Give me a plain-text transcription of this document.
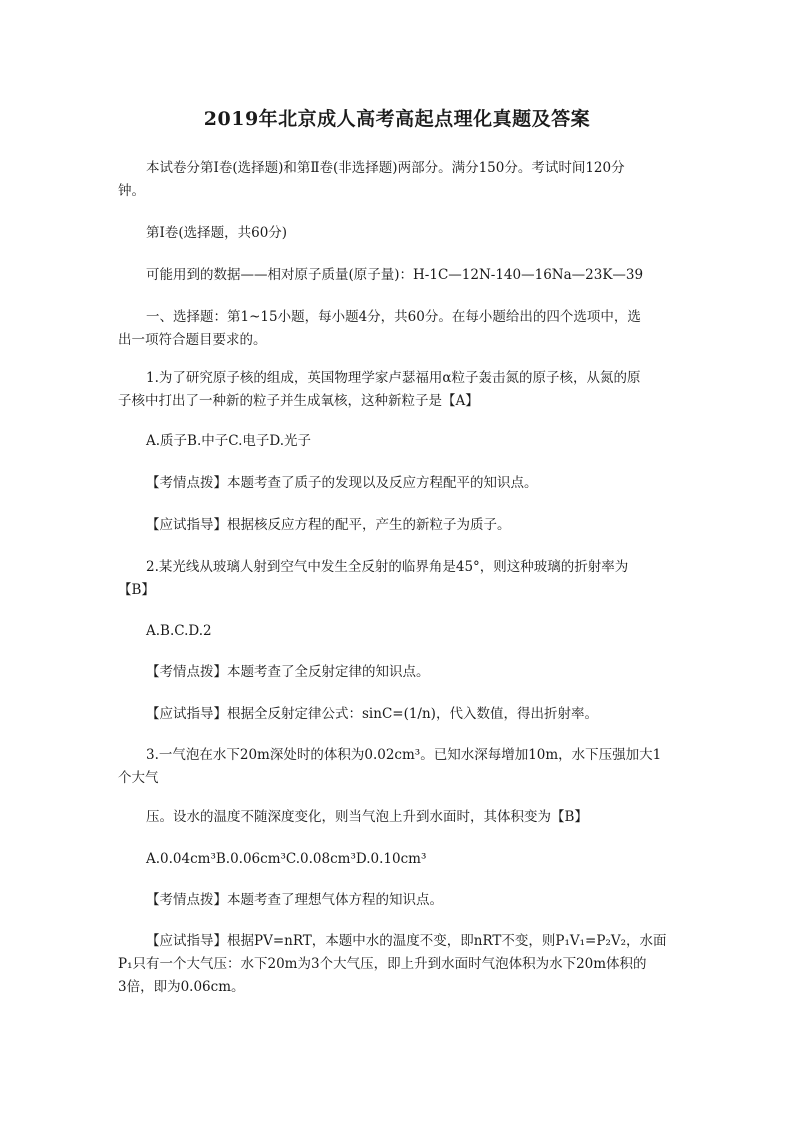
2019年北京成人高考高起点理化真题及答案

本试卷分第Ⅰ卷(选择题)和第Ⅱ卷(非选择题)两部分。满分150分。考试时间120分
钟。

第Ⅰ卷(选择题，共60分)

可能用到的数据——相对原子质量(原子量)：H-1C—12N-140—16Na—23K—39

一、选择题：第1~15小题，每小题4分，共60分。在每小题给出的四个选项中，选
出一项符合题目要求的。

1.为了研究原子核的组成，英国物理学家卢瑟福用α粒子轰击氮的原子核，从氮的原
子核中打出了一种新的粒子并生成氧核，这种新粒子是【A】

A.质子B.中子C.电子D.光子

【考情点拨】本题考查了质子的发现以及反应方程配平的知识点。

【应试指导】根据核反应方程的配平，产生的新粒子为质子。

2.某光线从玻璃人射到空气中发生全反射的临界角是45°，则这种玻璃的折射率为
【B】

A.B.C.D.2

【考情点拨】本题考查了全反射定律的知识点。

【应试指导】根据全反射定律公式：sinC=(1/n)，代入数值，得出折射率。

3.一气泡在水下20m深处时的体积为0.02cm³。已知水深每增加10m，水下压强加大1
个大气

压。设水的温度不随深度变化，则当气泡上升到水面时，其体积变为【B】

A.0.04cm³B.0.06cm³C.0.08cm³D.0.10cm³

【考情点拨】本题考查了理想气体方程的知识点。

【应试指导】根据PV=nRT，本题中水的温度不变，即nRT不变，则P₁V₁=P₂V₂，水面
P₁只有一个大气压：水下20m为3个大气压，即上升到水面时气泡体积为水下20m体积的
3倍，即为0.06cm。
